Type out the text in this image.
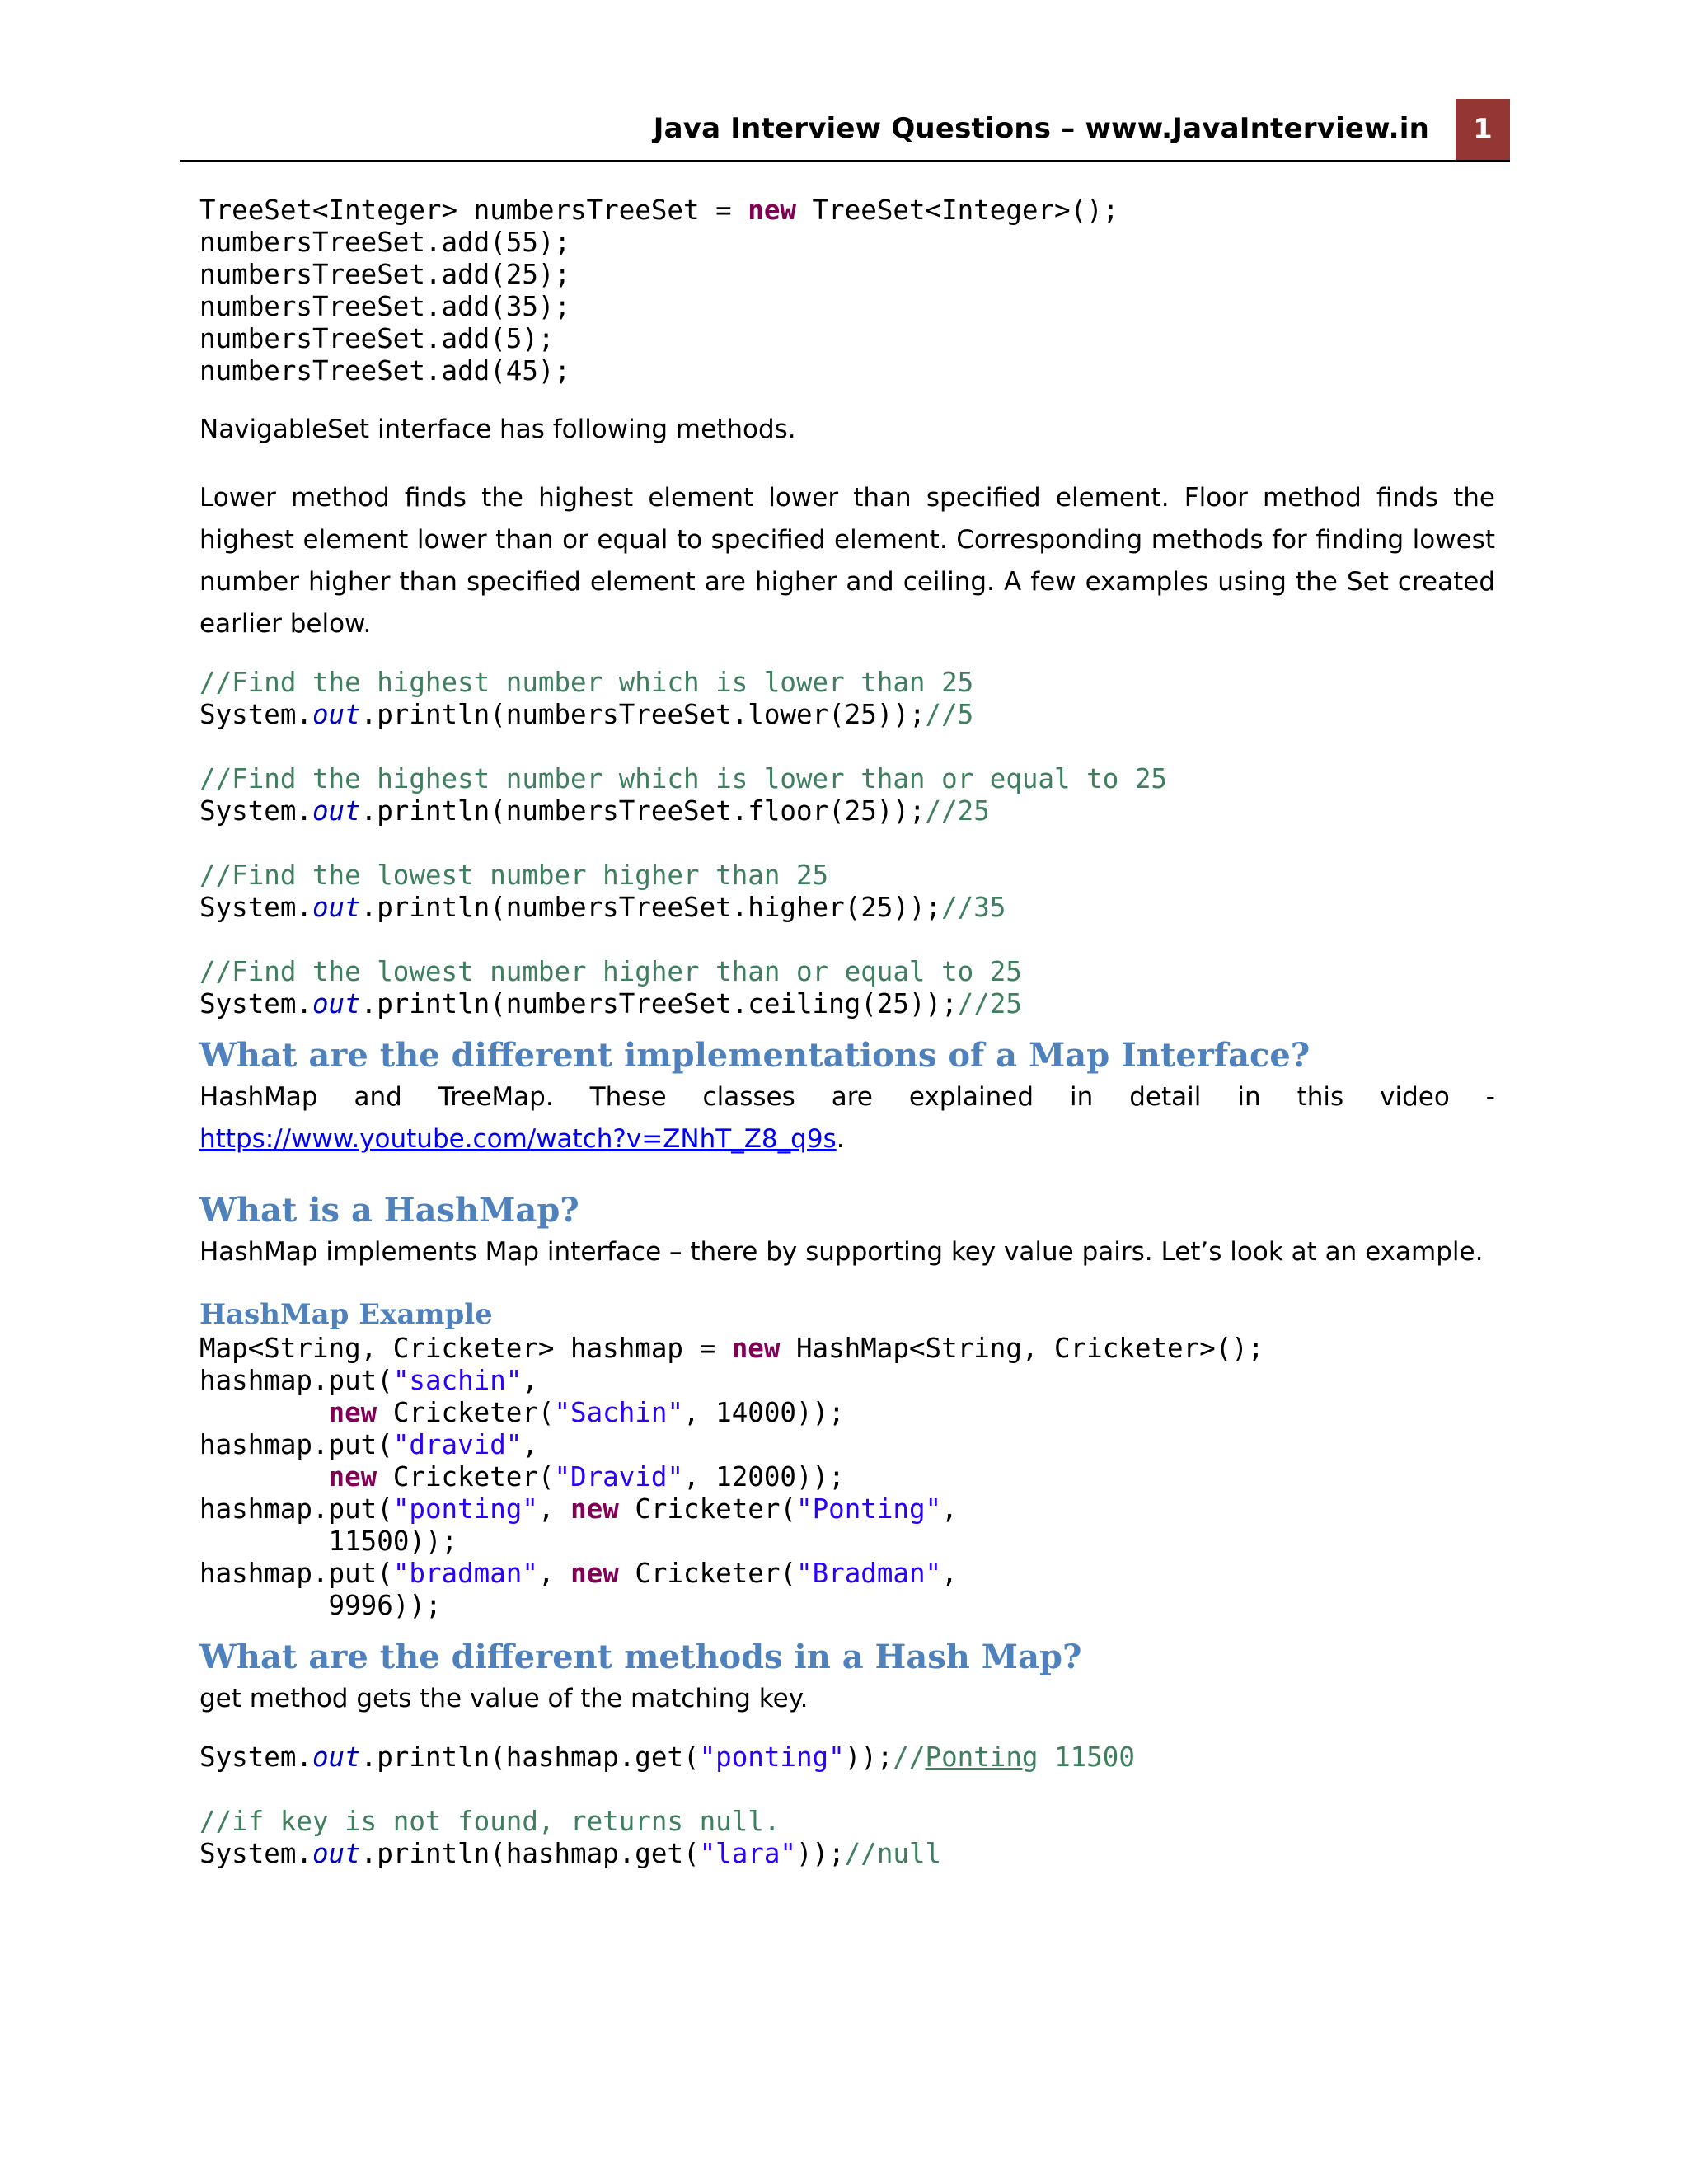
Java Interview Questions – www.JavaInterview.in	1
TreeSet<Integer> numbersTreeSet = new TreeSet<Integer>();
numbersTreeSet.add(55);
numbersTreeSet.add(25);
numbersTreeSet.add(35);
numbersTreeSet.add(5);
numbersTreeSet.add(45);

NavigableSet interface has following methods.

Lower method finds the highest element lower than specified element. Floor method finds the highest element lower than or equal to specified element. Corresponding methods for finding lowest number higher than specified element are higher and ceiling. A few examples using the Set created earlier below.

//Find the highest number which is lower than 25
System.out.println(numbersTreeSet.lower(25));//5
//Find the highest number which is lower than or equal to 25
System.out.println(numbersTreeSet.floor(25));//25
//Find the lowest number higher than 25
System.out.println(numbersTreeSet.higher(25));//35
//Find the lowest number higher than or equal to 25
System.out.println(numbersTreeSet.ceiling(25));//25
What are the different implementations of a Map Interface?

HashMap and TreeMap. These classes are explained in detail in this video -

https://www.youtube.com/watch?v=ZNhT_Z8_q9s.

What is a HashMap?

HashMap implements Map interface – there by supporting key value pairs. Let’s look at an example.

HashMap Example
Map<String, Cricketer> hashmap = new HashMap<String, Cricketer>();
hashmap.put("sachin",
new Cricketer("Sachin", 14000));
hashmap.put("dravid",
new Cricketer("Dravid", 12000));
hashmap.put("ponting", new Cricketer("Ponting",
11500));
hashmap.put("bradman", new Cricketer("Bradman",
9996));
What are the different methods in a Hash Map?

get method gets the value of the matching key.

System.out.println(hashmap.get("ponting"));//Ponting 11500
//if key is not found, returns null.
System.out.println(hashmap.get("lara"));//null
